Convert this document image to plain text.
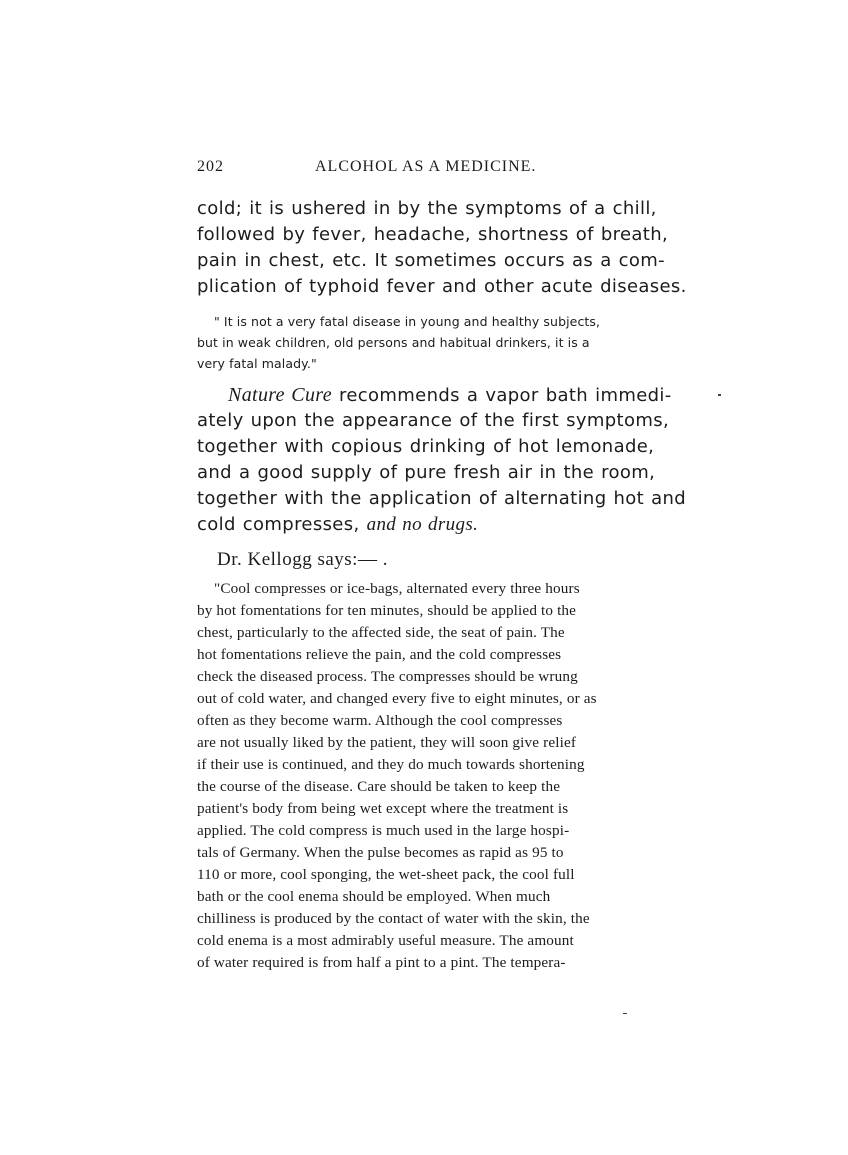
202	ALCOHOL AS A MEDICINE.
cold; it is ushered in by the symptoms of a chill,
followed by fever, headache, shortness of breath,
pain in chest, etc. It sometimes occurs as a com-
plication of typhoid fever and other acute diseases.
" It is not a very fatal disease in young and healthy subjects,
but in weak children, old persons and habitual drinkers, it is a
very fatal malady."
Nature Cure recommends a vapor bath immedi-
ately upon the appearance of the first symptoms,
together with copious drinking of hot lemonade,
and a good supply of pure fresh air in the room,
together with the application of alternating hot and
cold compresses, and no drugs.
Dr. Kellogg says:— .
"Cool compresses or ice-bags, alternated every three hours
by hot fomentations for ten minutes, should be applied to the
chest, particularly to the affected side, the seat of pain. The
hot fomentations relieve the pain, and the cold compresses
check the diseased process. The compresses should be wrung
out of cold water, and changed every five to eight minutes, or as
often as they become warm. Although the cool compresses
are not usually liked by the patient, they will soon give relief
if their use is continued, and they do much towards shortening
the course of the disease. Care should be taken to keep the
patient's body from being wet except where the treatment is
applied. The cold compress is much used in the large hospi-
tals of Germany. When the pulse becomes as rapid as 95 to
110 or more, cool sponging, the wet-sheet pack, the cool full
bath or the cool enema should be employed. When much
chilliness is produced by the contact of water with the skin, the
cold enema is a most admirably useful measure. The amount
of water required is from half a pint to a pint. The tempera-
